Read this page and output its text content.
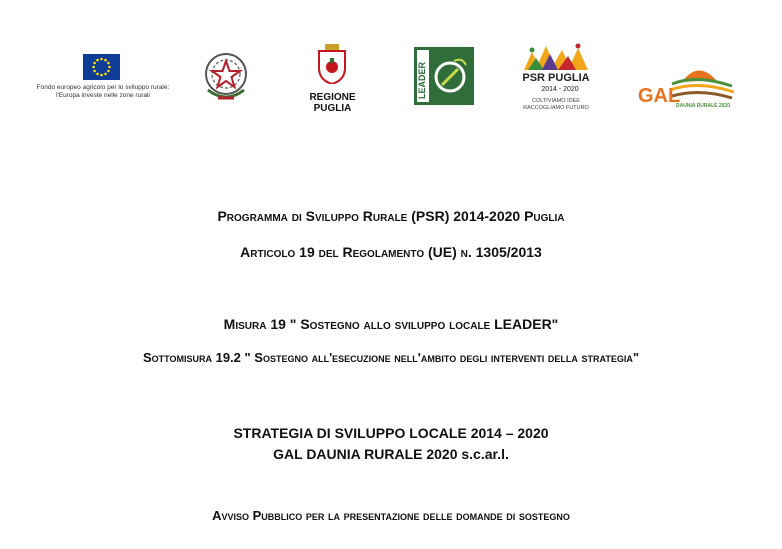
Fondo europeo agricolo per lo sviluppo rurale:
l'Europa investe nelle zone rurali	REGIONE PUGLIA
LEADER	PSR PUGLIA
2014 - 2020
COLTIVIAMO IDEE
RACCOGLIAMO FUTURO
GAL
DAUNIA RURALE 2020
Programma di Sviluppo Rurale (PSR) 2014-2020 Puglia
Articolo 19 del Regolamento (UE) n. 1305/2013
Misura 19 " Sostegno allo sviluppo locale LEADER"
Sottomisura 19.2 " Sostegno all'esecuzione nell'ambito degli interventi della strategia"
STRATEGIA DI SVILUPPO LOCALE 2014 – 2020
GAL DAUNIA RURALE 2020 s.c.ar.l.
Avviso Pubblico per la presentazione delle domande di sostegno
